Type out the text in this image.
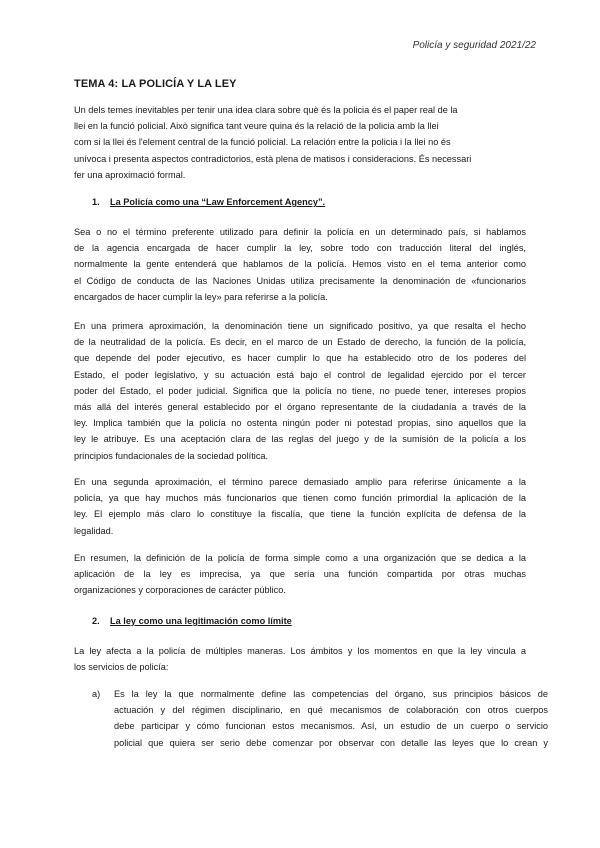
Policía y seguridad 2021/22
TEMA 4: LA POLICÍA Y LA LEY
Un dels temes inevitables per tenir una idea clara sobre què és la policia és el paper real de la
llei en la funció policial. Això significa tant veure quina és la relació de la policia amb la llei
com si la llei és l'element central de la funció policial. La relación entre la policia i la llei no és
unívoca i presenta aspectos contradictorios, està plena de matisos i consideracions. És necessari
fer una aproximació formal.
1. La Policía como una “Law Enforcement Agency”.
Sea o no el término preferente utilizado para definir la policía en un determinado país, si hablamos
de la agencia encargada de hacer cumplir la ley, sobre todo con traducción literal del inglés,
normalmente la gente entenderá que hablamos de la policía. Hemos visto en el tema anterior como
el Código de conducta de las Naciones Unidas utiliza precisamente la denominación de «funcionarios
encargados de hacer cumplir la ley» para referirse a la policía.
En una primera aproximación, la denominación tiene un significado positivo, ya que resalta el hecho
de la neutralidad de la policía. Es decir, en el marco de un Estado de derecho, la función de la policía,
que depende del poder ejecutivo, es hacer cumplir lo que ha establecido otro de los poderes del
Estado, el poder legislativo, y su actuación está bajo el control de legalidad ejercido por el tercer
poder del Estado, el poder judicial. Significa que la policía no tiene, no puede tener, intereses propios
más allá del interés general establecido por el órgano representante de la ciudadanía a través de la
ley. Implica también que la policía no ostenta ningún poder ni potestad propias, sino aquellos que la
ley le atribuye. Es una aceptación clara de las reglas del juego y de la sumisión de la policía a los
principios fundacionales de la sociedad política.
En una segunda aproximación, el término parece demasiado amplio para referirse únicamente a la
policía, ya que hay muchos más funcionarios que tienen como función primordial la aplicación de la
ley. El ejemplo más claro lo constituye la fiscalía, que tiene la función explícita de defensa de la
legalidad.
En resumen, la definición de la policía de forma simple como a una organización que se dedica a la
aplicación de la ley es imprecisa, ya que sería una función compartida por otras muchas
organizaciones y corporaciones de carácter público.
2. La ley como una legitimación como límite
La ley afecta a la policía de múltiples maneras. Los ámbitos y los momentos en que la ley vincula a
los servicios de policía:
a) Es la ley la que normalmente define las competencias del órgano, sus principios básicos de
actuación y del régimen disciplinario, en qué mecanismos de colaboración con otros cuerpos
debe participar y cómo funcionan estos mecanismos. Así, un estudio de un cuerpo o servicio
policial que quiera ser serio debe comenzar por observar con detalle las leyes que lo crean y
